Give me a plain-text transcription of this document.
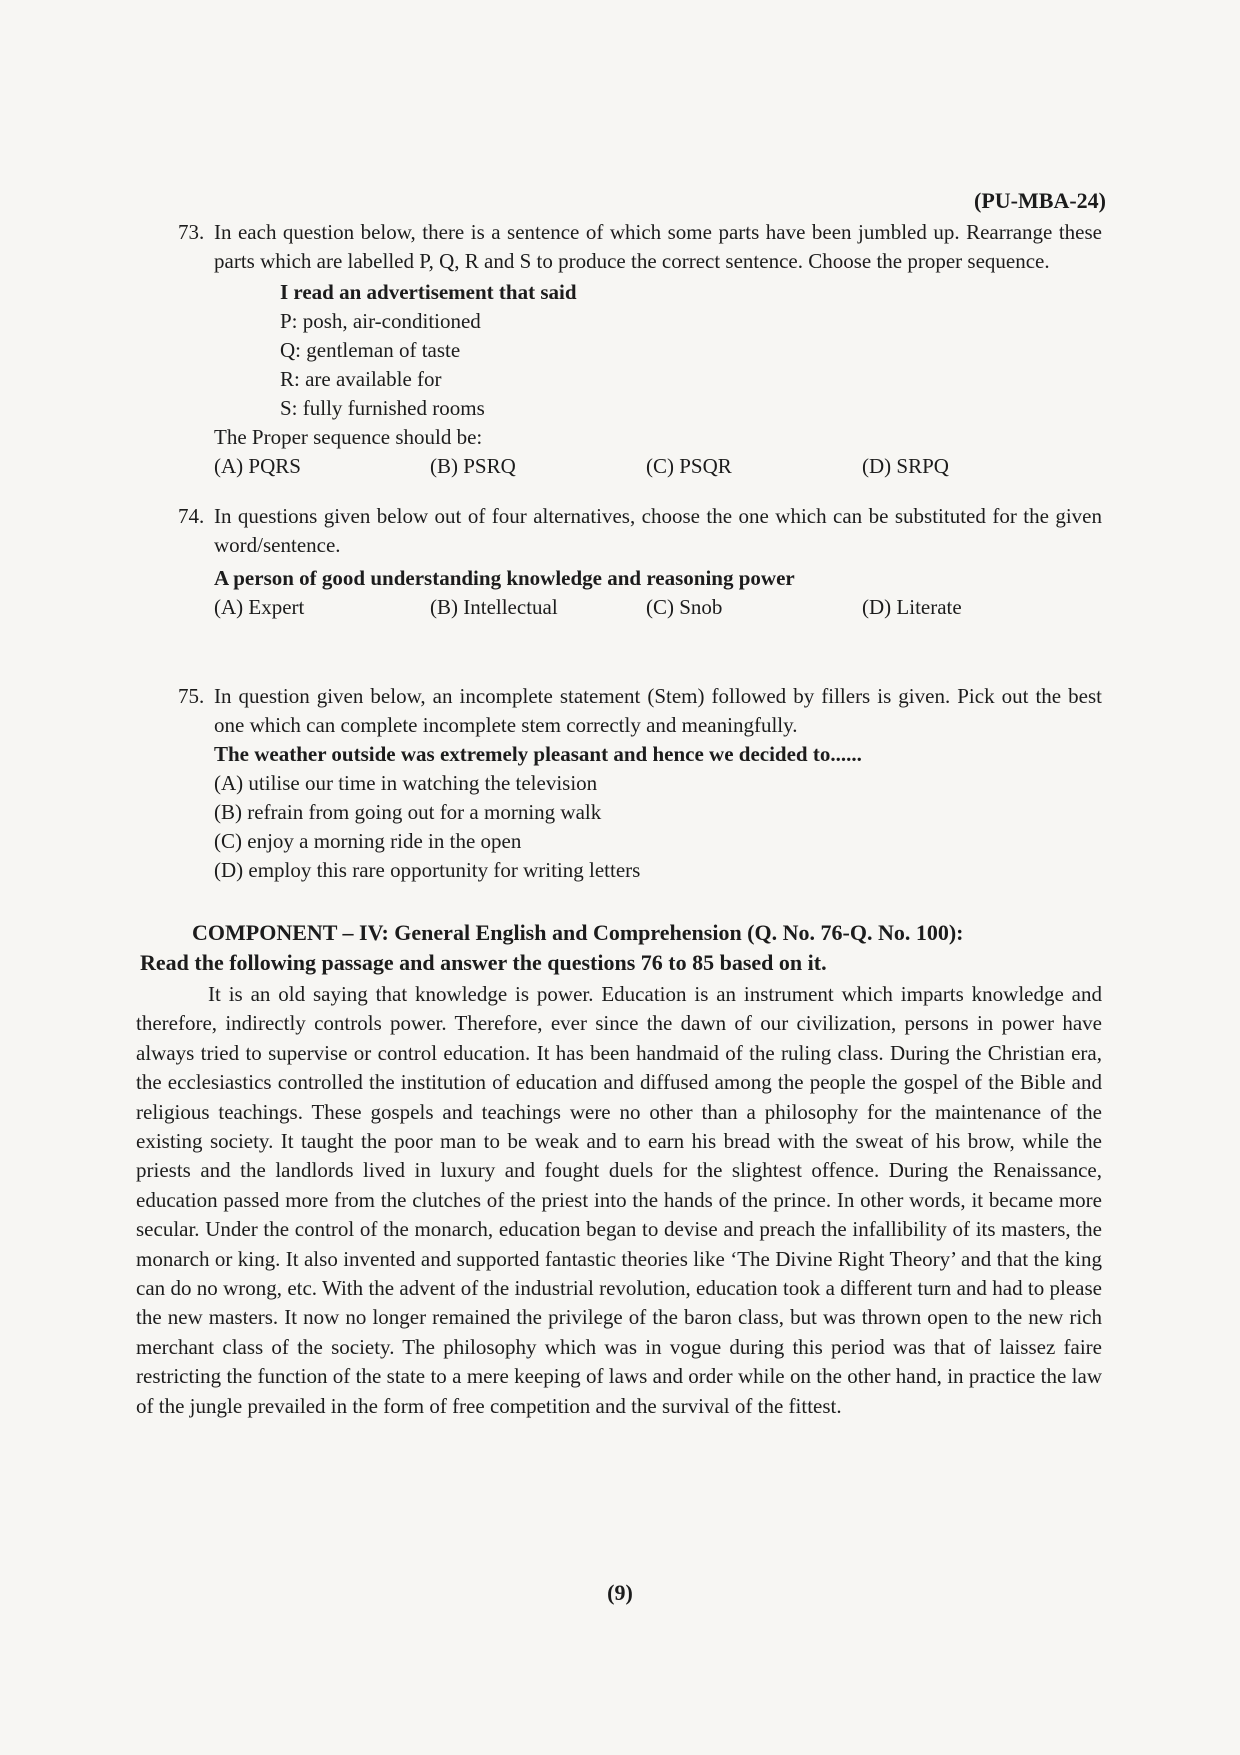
(PU-MBA-24)
73. In each question below, there is a sentence of which some parts have been jumbled up. Rearrange these parts which are labelled P, Q, R and S to produce the correct sentence. Choose the proper sequence.
I read an advertisement that said
P: posh, air-conditioned
Q: gentleman of taste
R: are available for
S: fully furnished rooms
The Proper sequence should be:
(A) PQRS	(B) PSRQ	(C) PSQR	(D) SRPQ
74. In questions given below out of four alternatives, choose the one which can be substituted for the given word/sentence.
A person of good understanding knowledge and reasoning power
(A) Expert	(B) Intellectual	(C) Snob	(D) Literate
75. In question given below, an incomplete statement (Stem) followed by fillers is given. Pick out the best one which can complete incomplete stem correctly and meaningfully.
The weather outside was extremely pleasant and hence we decided to......
(A) utilise our time in watching the television
(B) refrain from going out for a morning walk
(C) enjoy a morning ride in the open
(D) employ this rare opportunity for writing letters
COMPONENT – IV: General English and Comprehension (Q. No. 76-Q. No. 100):
Read the following passage and answer the questions 76 to 85 based on it.
It is an old saying that knowledge is power. Education is an instrument which imparts knowledge and therefore, indirectly controls power. Therefore, ever since the dawn of our civilization, persons in power have always tried to supervise or control education. It has been handmaid of the ruling class. During the Christian era, the ecclesiastics controlled the institution of education and diffused among the people the gospel of the Bible and religious teachings. These gospels and teachings were no other than a philosophy for the maintenance of the existing society. It taught the poor man to be weak and to earn his bread with the sweat of his brow, while the priests and the landlords lived in luxury and fought duels for the slightest offence. During the Renaissance, education passed more from the clutches of the priest into the hands of the prince. In other words, it became more secular. Under the control of the monarch, education began to devise and preach the infallibility of its masters, the monarch or king. It also invented and supported fantastic theories like ‘The Divine Right Theory’ and that the king can do no wrong, etc. With the advent of the industrial revolution, education took a different turn and had to please the new masters. It now no longer remained the privilege of the baron class, but was thrown open to the new rich merchant class of the society. The philosophy which was in vogue during this period was that of laissez faire restricting the function of the state to a mere keeping of laws and order while on the other hand, in practice the law of the jungle prevailed in the form of free competition and the survival of the fittest.
(9)
